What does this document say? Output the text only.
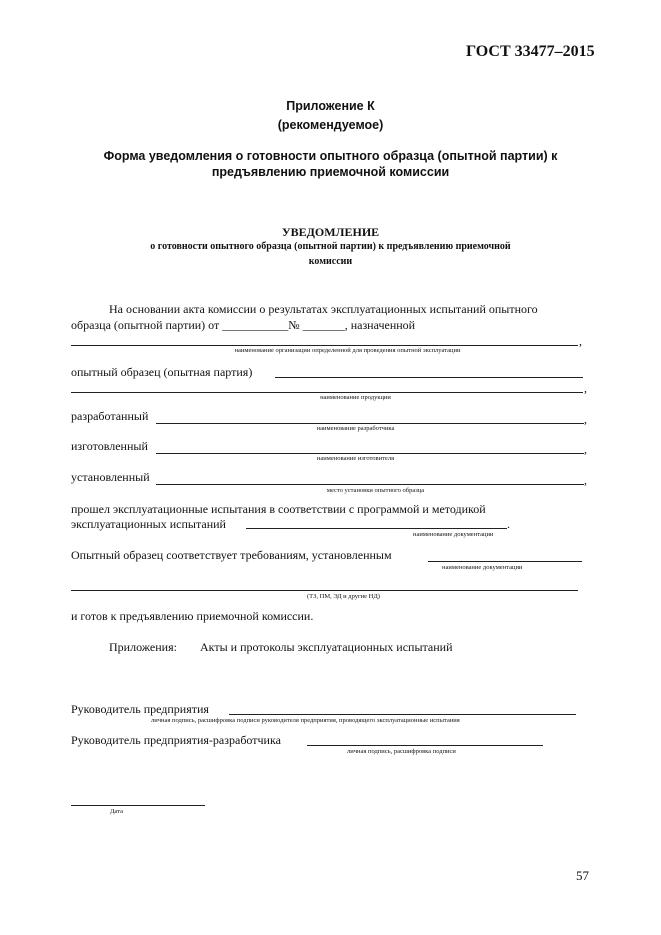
ГОСТ 33477–2015
Приложение К
(рекомендуемое)
Форма уведомления о готовности опытного образца (опытной партии) к
предъявлению приемочной комиссии
УВЕДОМЛЕНИЕ
о готовности опытного образца (опытной партии) к предъявлению приемочной
комиссии
На основании акта комиссии о результатах эксплуатационных испытаний опытного
образца (опытной партии) от ___________№ _______, назначенной
,
наименование организации определенной для проведения опытной эксплуатации
опытный образец (опытная партия)
,
наименование продукции
разработанный	,
наименование разработчика
изготовленный	,
наименование изготовителя
установленный	,
место установки опытного образца
прошел эксплуатационные испытания в соответствии с программой и методикой
эксплуатационных испытаний	.
наименование документации
Опытный образец соответствует требованиям, установленным
наименование документации
(ТЗ, ПМ, ЭД и другие НД)
и готов к предъявлению приемочной комиссии.
Приложения: Акты и протоколы эксплуатационных испытаний
Руководитель предприятия
личная подпись, расшифровка подписи руководителя предприятия, проводящего эксплуатационные испытания
Руководитель предприятия-разработчика
личная подпись, расшифровка подписи
Дата
57
